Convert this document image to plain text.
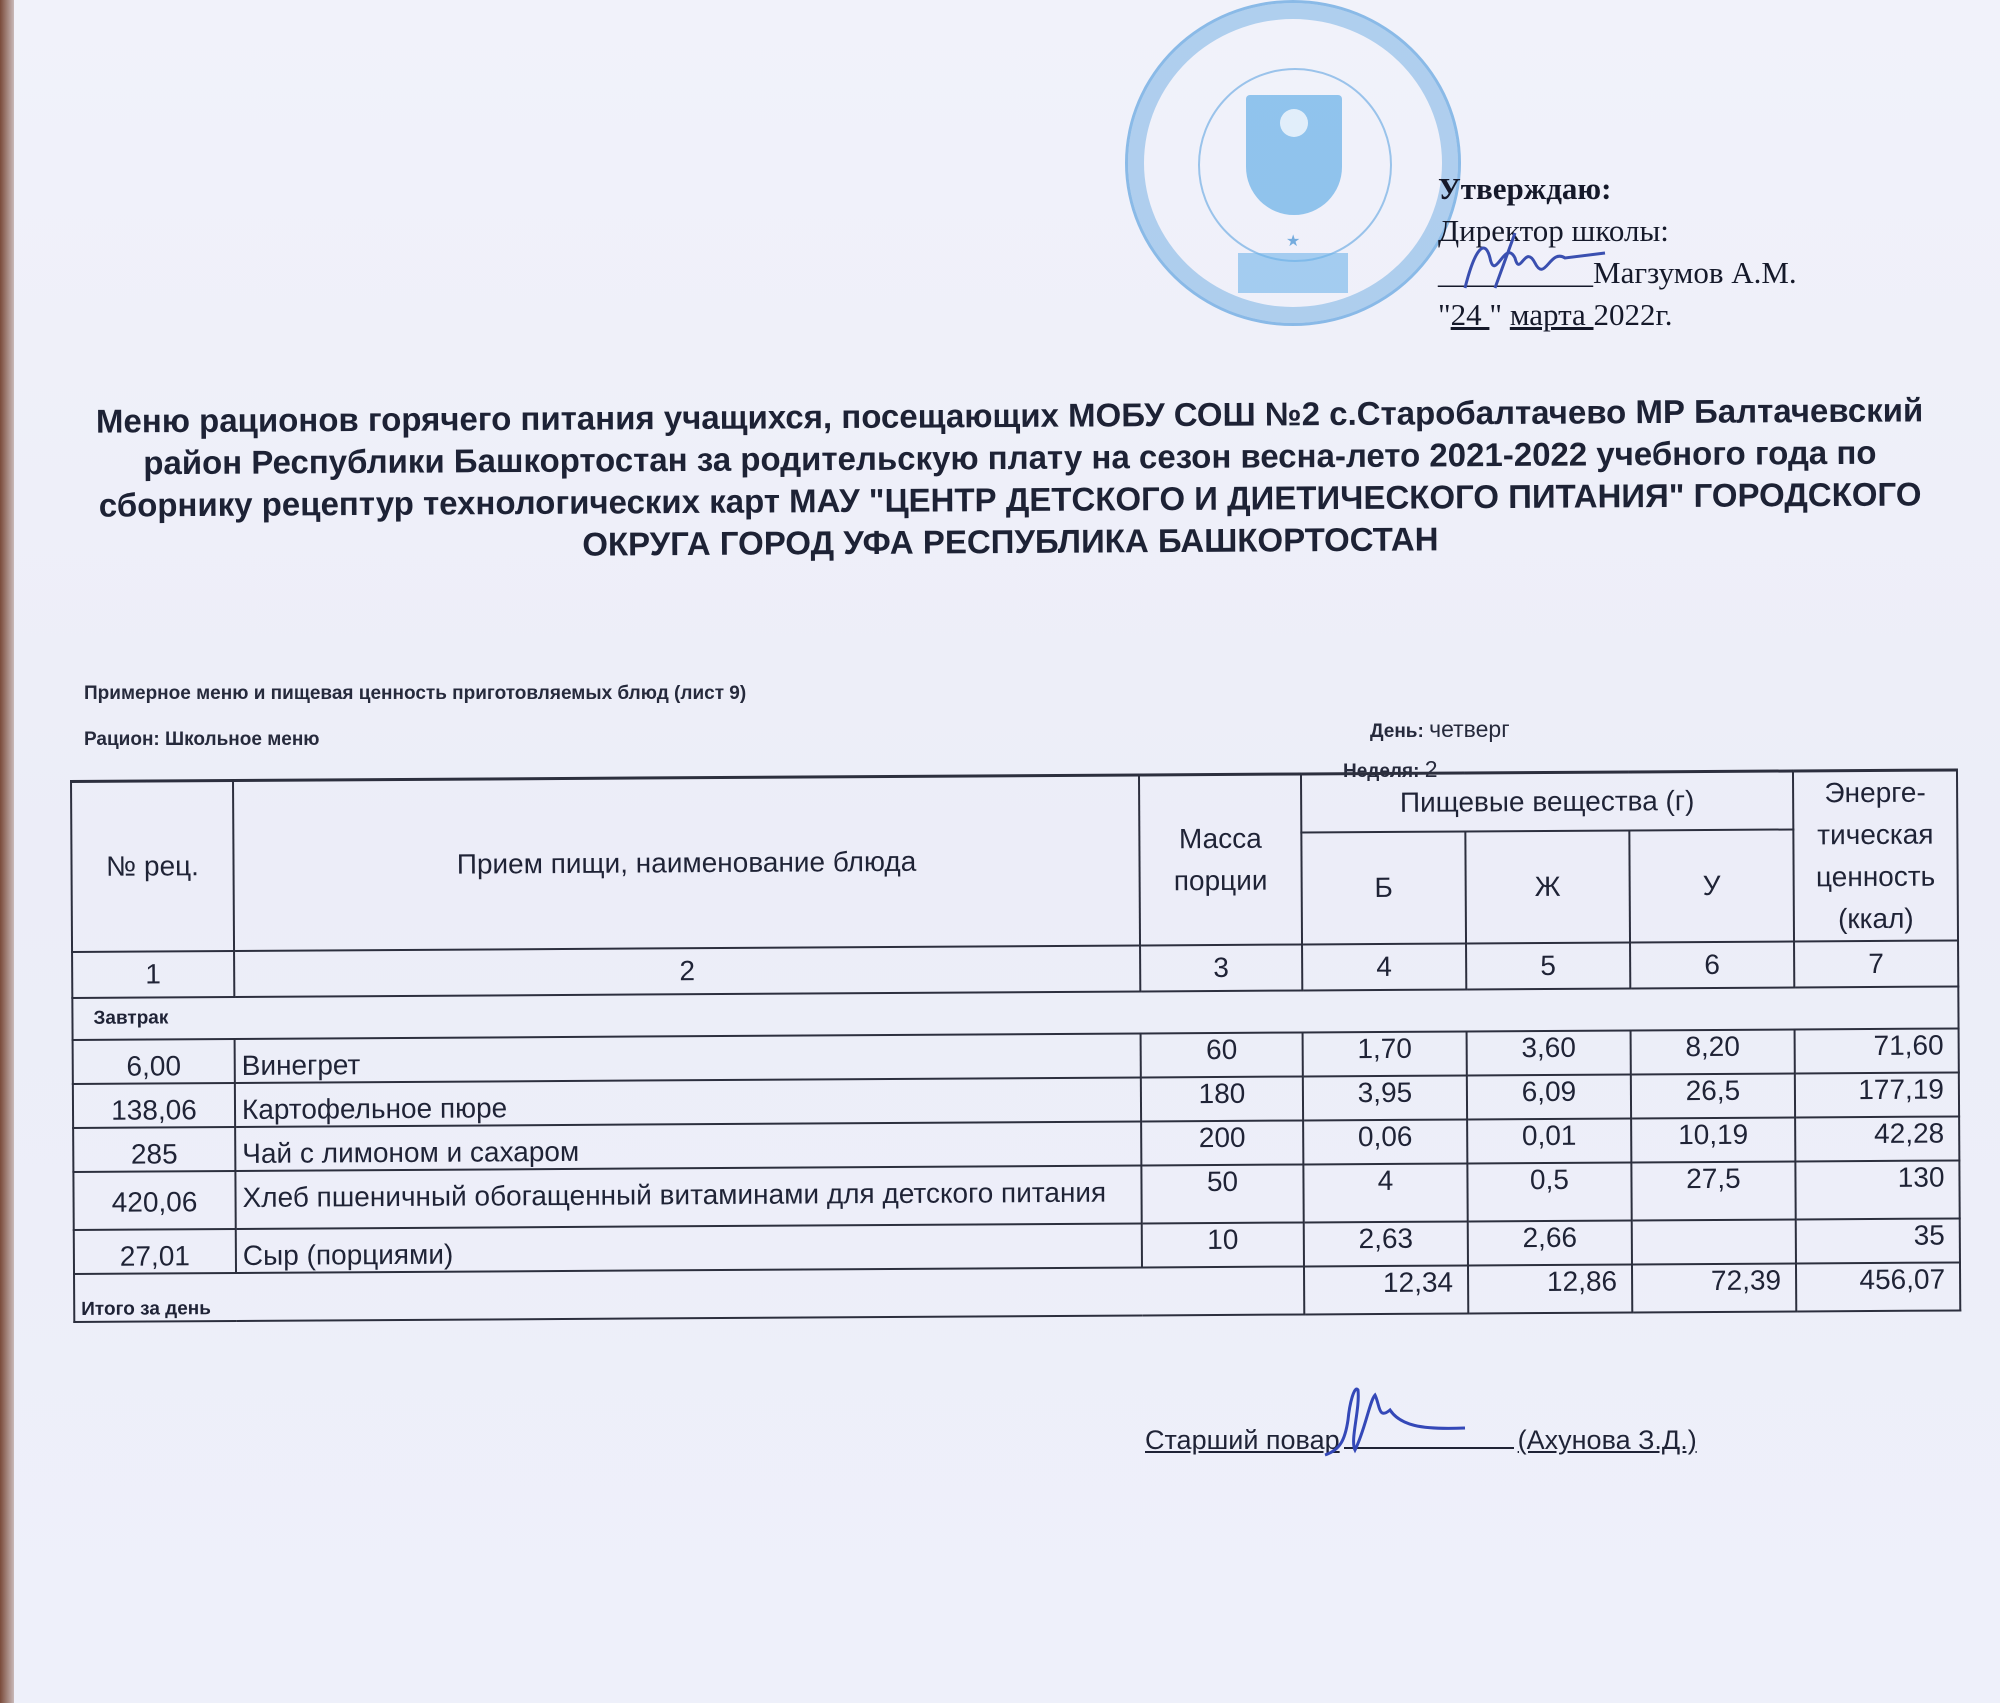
★
Утверждаю:
Директор школы:
__________Магзумов А.М.
"24 " марта 2022г.
Меню рационов горячего питания учащихся, посещающих МОБУ СОШ №2 с.Старобалтачево МР Балтачевский район Республики Башкортостан за родительскую плату на сезон весна-лето 2021-2022 учебного года по сборнику рецептур технологических карт МАУ "ЦЕНТР ДЕТСКОГО И ДИЕТИЧЕСКОГО ПИТАНИЯ" ГОРОДСКОГО ОКРУГА ГОРОД УФА РЕСПУБЛИКА БАШКОРТОСТАН
Примерное меню и пищевая ценность приготовляемых блюд (лист 9)
Рацион: Школьное меню	День: четверг
Неделя: 2
№ рец.	Прием пищи, наименование блюда	Масса порции	Пищевые вещества (г)			Энерге-тическая ценность (ккал)
			Б	Ж	У	
1	2	3	4	5	6	7
Завтрак						
6,00	Винегрет	60	1,70	3,60	8,20	71,60
138,06	Картофельное пюре	180	3,95	6,09	26,5	177,19
285	Чай с лимоном и сахаром	200	0,06	0,01	10,19	42,28
420,06	Хлеб пшеничный обогащенный витаминами для детского питания	50	4	0,5	27,5	130
27,01	Сыр (порциями)	10	2,63	2,66		35
Итого за день			12,34	12,86	72,39	456,07
Старший повар	(Ахунова З.Д.)
